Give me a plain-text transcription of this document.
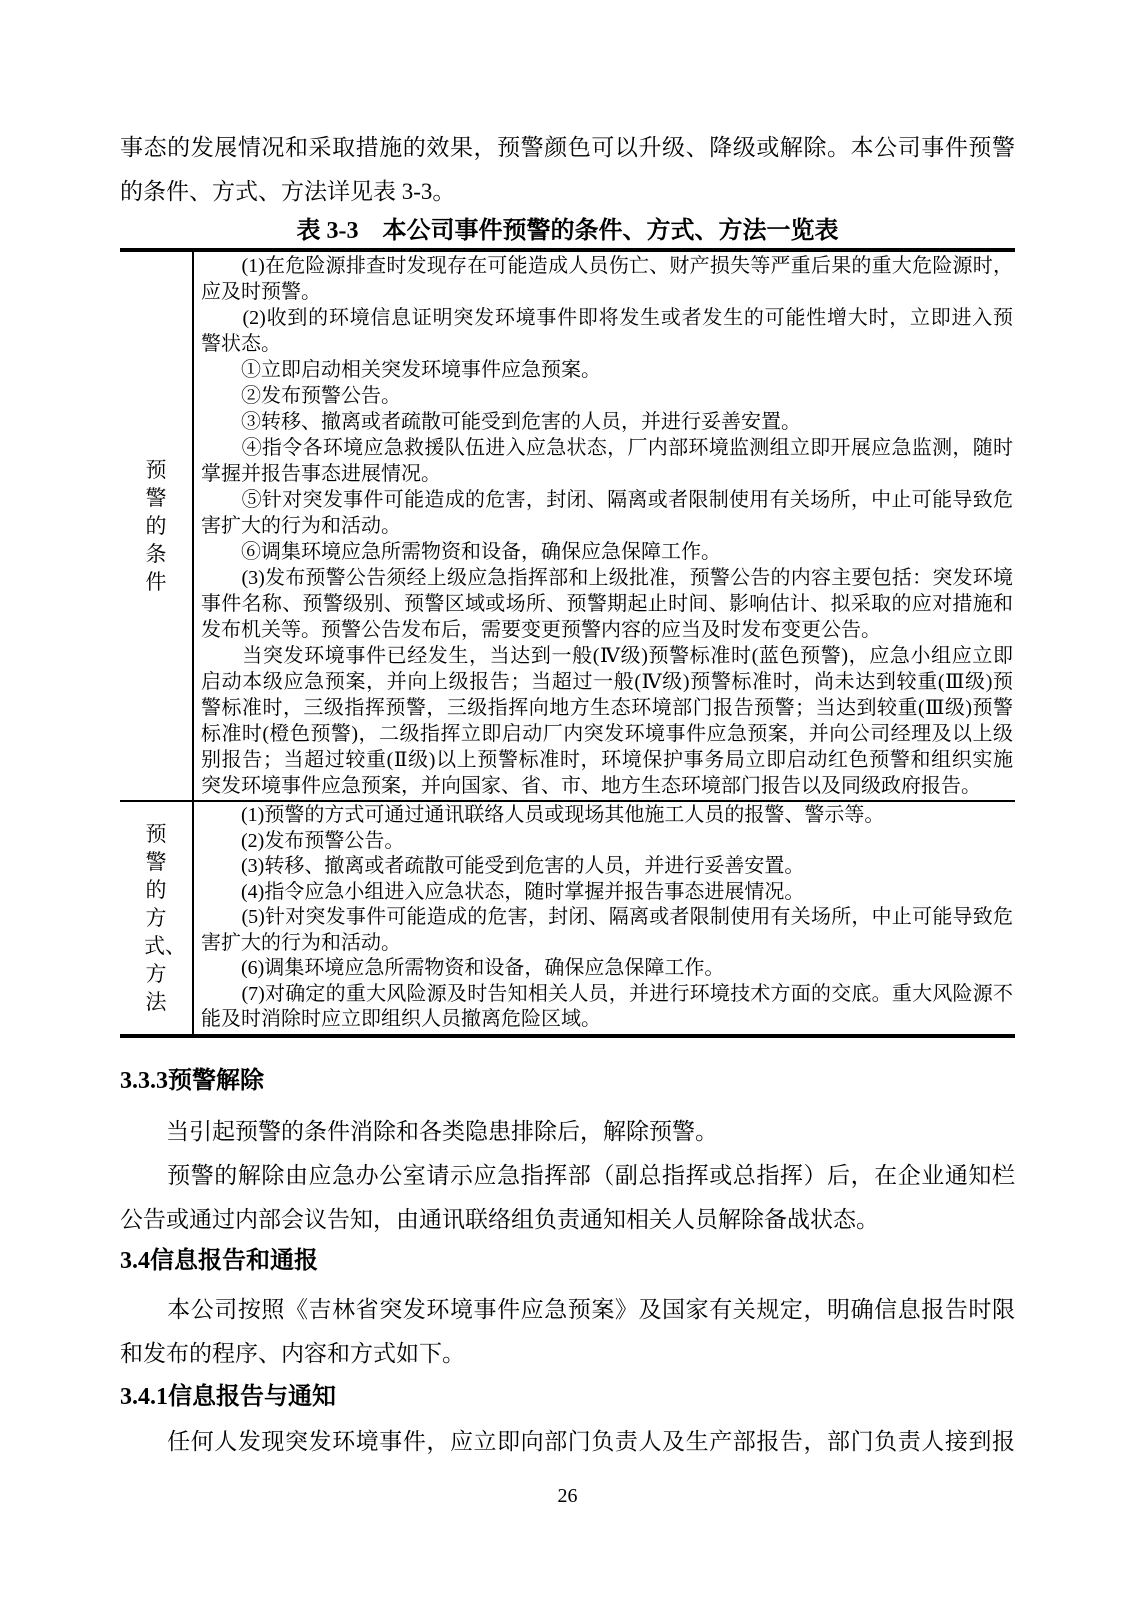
事态的发展情况和采取措施的效果，预警颜色可以升级、降级或解除。本公司事件预警
的条件、方式、方法详见表 3-3。
表 3-3　本公司事件预警的条件、方式、方法一览表
预警的条件
　　(1)在危险源排查时发现存在可能造成人员伤亡、财产损失等严重后果的重大危险源时，
应及时预警。
　　(2)收到的环境信息证明突发环境事件即将发生或者发生的可能性增大时，立即进入预
警状态。
　　①立即启动相关突发环境事件应急预案。
　　②发布预警公告。
　　③转移、撤离或者疏散可能受到危害的人员，并进行妥善安置。
　　④指令各环境应急救援队伍进入应急状态，厂内部环境监测组立即开展应急监测，随时
掌握并报告事态进展情况。
　　⑤针对突发事件可能造成的危害，封闭、隔离或者限制使用有关场所，中止可能导致危
害扩大的行为和活动。
　　⑥调集环境应急所需物资和设备，确保应急保障工作。
　　(3)发布预警公告须经上级应急指挥部和上级批准，预警公告的内容主要包括：突发环境
事件名称、预警级别、预警区域或场所、预警期起止时间、影响估计、拟采取的应对措施和
发布机关等。预警公告发布后，需要变更预警内容的应当及时发布变更公告。
　　当突发环境事件已经发生，当达到一般(Ⅳ级)预警标准时(蓝色预警)，应急小组应立即
启动本级应急预案，并向上级报告；当超过一般(Ⅳ级)预警标准时，尚未达到较重(Ⅲ级)预
警标准时，三级指挥预警，三级指挥向地方生态环境部门报告预警；当达到较重(Ⅲ级)预警
标准时(橙色预警)，二级指挥立即启动厂内突发环境事件应急预案，并向公司经理及以上级
别报告；当超过较重(Ⅱ级)以上预警标准时，环境保护事务局立即启动红色预警和组织实施
突发环境事件应急预案，并向国家、省、市、地方生态环境部门报告以及同级政府报告。
预警的方式、方法
　　(1)预警的方式可通过通讯联络人员或现场其他施工人员的报警、警示等。
　　(2)发布预警公告。
　　(3)转移、撤离或者疏散可能受到危害的人员，并进行妥善安置。
　　(4)指令应急小组进入应急状态，随时掌握并报告事态进展情况。
　　(5)针对突发事件可能造成的危害，封闭、隔离或者限制使用有关场所，中止可能导致危
害扩大的行为和活动。
　　(6)调集环境应急所需物资和设备，确保应急保障工作。
　　(7)对确定的重大风险源及时告知相关人员，并进行环境技术方面的交底。重大风险源不
能及时消除时应立即组织人员撤离危险区域。
3.3.3预警解除
　　当引起预警的条件消除和各类隐患排除后，解除预警。
　　预警的解除由应急办公室请示应急指挥部（副总指挥或总指挥）后，在企业通知栏
公告或通过内部会议告知，由通讯联络组负责通知相关人员解除备战状态。
3.4信息报告和通报
　　本公司按照《吉林省突发环境事件应急预案》及国家有关规定，明确信息报告时限
和发布的程序、内容和方式如下。
3.4.1信息报告与通知
　　任何人发现突发环境事件，应立即向部门负责人及生产部报告，部门负责人接到报
26
